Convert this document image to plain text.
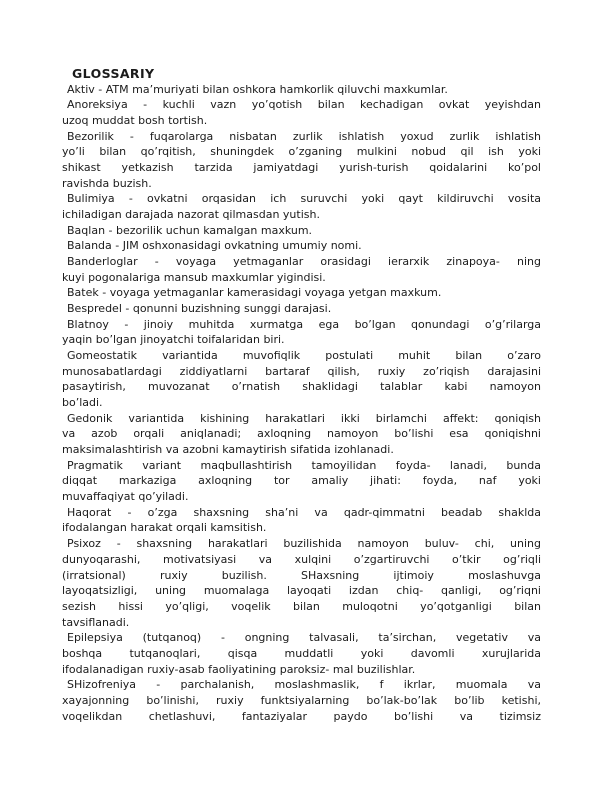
GLOSSARIY
Aktiv - ATM ma’muriyati bilan oshkora hamkorlik qiluvchi maxkumlar.
Anoreksiya - kuchli vazn yo’qotish bilan kechadigan ovkat yeyishdan
uzoq muddat bosh tortish.
Bezorilik - fuqarolarga nisbatan zurlik ishlatish yoxud zurlik ishlatish
yo’li bilan qo’rqitish, shuningdek o’zganing mulkini nobud qil ish yoki
shikast yetkazish tarzida jamiyatdagi yurish-turish qoidalarini ko’pol
ravishda buzish.
Bulimiya - ovkatni orqasidan ich suruvchi yoki qayt kildiruvchi vosita
ichiladigan darajada nazorat qilmasdan yutish.
Baqlan - bezorilik uchun kamalgan maxkum.
Balanda - JIM oshxonasidagi ovkatning umumiy nomi.
Banderloglar - voyaga yetmaganlar orasidagi ierarxik zinapoya- ning
kuyi pogonalariga mansub maxkumlar yigindisi.
Batek - voyaga yetmaganlar kamerasidagi voyaga yetgan maxkum.
Bespredel - qonunni buzishning sunggi darajasi.
Blatnoy - jinoiy muhitda xurmatga ega bo’lgan qonundagi o’g’rilarga
yaqin bo’lgan jinoyatchi toifalaridan biri.
Gomeostatik variantida muvofiqlik postulati muhit bilan o’zaro
munosabatlardagi ziddiyatlarni bartaraf qilish, ruxiy zo’riqish darajasini
pasaytirish, muvozanat o’rnatish shaklidagi talablar kabi namoyon
bo’ladi.
Gedonik variantida kishining harakatlari ikki birlamchi affekt: qoniqish
va azob orqali aniqlanadi; axloqning namoyon bo’lishi esa qoniqishni
maksimalashtirish va azobni kamaytirish sifatida izohlanadi.
Pragmatik variant maqbullashtirish tamoyilidan foyda- lanadi, bunda
diqqat markaziga axloqning tor amaliy jihati: foyda, naf yoki
muvaffaqiyat qo’yiladi.
Haqorat - o’zga shaxsning sha’ni va qadr-qimmatni beadab shaklda
ifodalangan harakat orqali kamsitish.
Psixoz - shaxsning harakatlari buzilishida namoyon buluv- chi, uning
dunyoqarashi, motivatsiyasi va xulqini o’zgartiruvchi o’tkir og’riqli
(irratsional) ruxiy buzilish. SHaxsning ijtimoiy moslashuvga
layoqatsizligi, uning muomalaga layoqati izdan chiq- qanligi, og’riqni
sezish hissi yo’qligi, voqelik bilan muloqotni yo’qotganligi bilan
tavsiflanadi.
Epilepsiya (tutqanoq) - ongning talvasali, ta’sirchan, vegetativ va
boshqa tutqanoqlari, qisqa muddatli yoki davomli xurujlarida
ifodalanadigan ruxiy-asab faoliyatining paroksiz- mal buzilishlar.
SHizofreniya - parchalanish, moslashmaslik, f ikrlar, muomala va
xayajonning bo’linishi, ruxiy funktsiyalarning bo’lak-bo’lak bo’lib ketishi,
voqelikdan chetlashuvi, fantaziyalar paydo bo’lishi va tizimsiz
